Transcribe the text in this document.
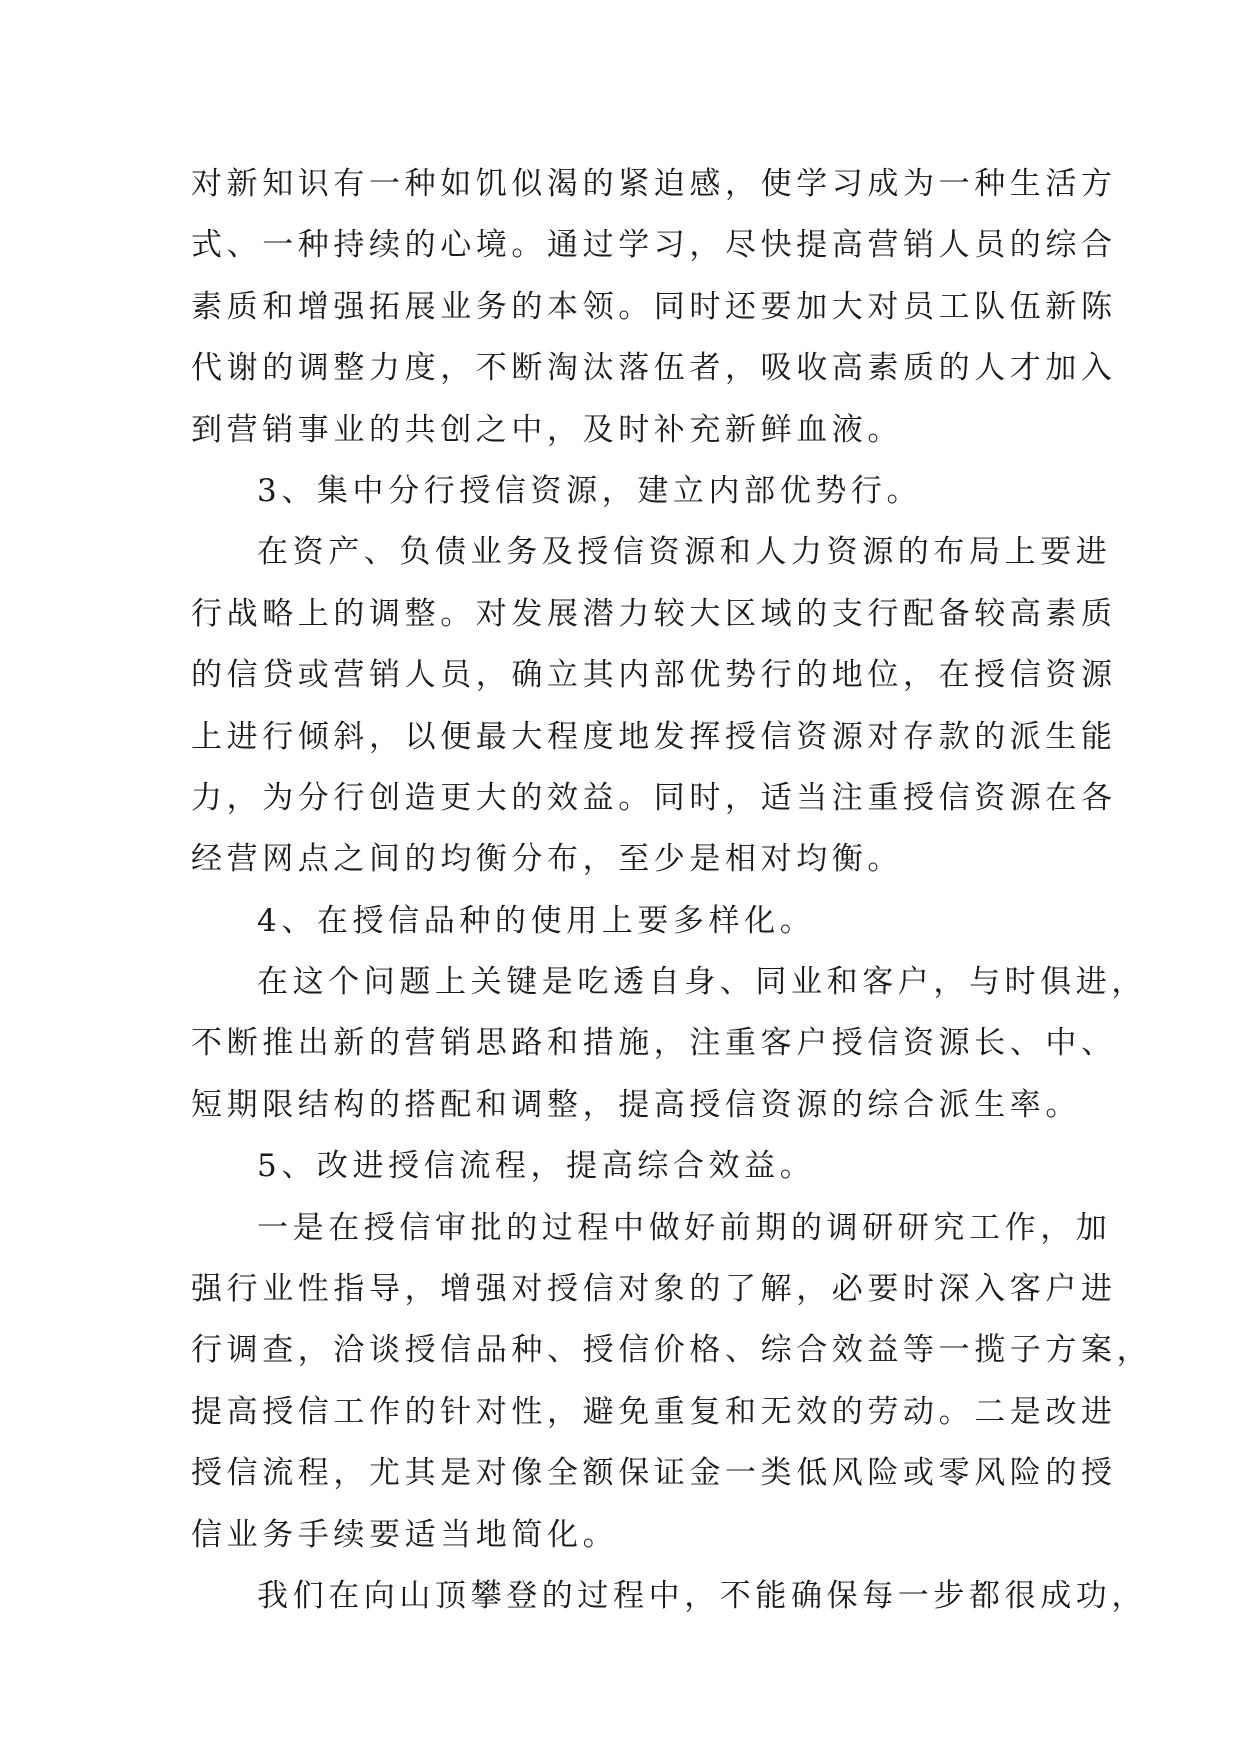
对新知识有一种如饥似渴的紧迫感，使学习成为一种生活方
式、一种持续的心境。通过学习，尽快提高营销人员的综合
素质和增强拓展业务的本领。同时还要加大对员工队伍新陈
代谢的调整力度，不断淘汰落伍者，吸收高素质的人才加入
到营销事业的共创之中，及时补充新鲜血液。
3、集中分行授信资源，建立内部优势行。
在资产、负债业务及授信资源和人力资源的布局上要进
行战略上的调整。对发展潜力较大区域的支行配备较高素质
的信贷或营销人员，确立其内部优势行的地位，在授信资源
上进行倾斜，以便最大程度地发挥授信资源对存款的派生能
力，为分行创造更大的效益。同时，适当注重授信资源在各
经营网点之间的均衡分布，至少是相对均衡。
4、在授信品种的使用上要多样化。
在这个问题上关键是吃透自身、同业和客户，与时俱进，
不断推出新的营销思路和措施，注重客户授信资源长、中、
短期限结构的搭配和调整，提高授信资源的综合派生率。
5、改进授信流程，提高综合效益。
一是在授信审批的过程中做好前期的调研研究工作，加
强行业性指导，增强对授信对象的了解，必要时深入客户进
行调查，洽谈授信品种、授信价格、综合效益等一揽子方案，
提高授信工作的针对性，避免重复和无效的劳动。二是改进
授信流程，尤其是对像全额保证金一类低风险或零风险的授
信业务手续要适当地简化。
我们在向山顶攀登的过程中，不能确保每一步都很成功，
